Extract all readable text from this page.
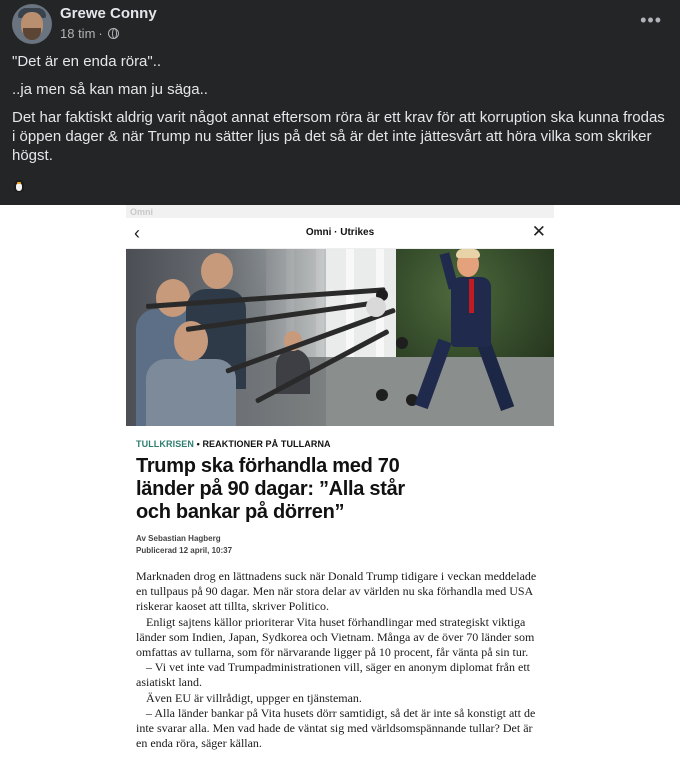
Grewe Conny
18 tim ·
•••

"Det är en enda röra"..

..ja men så kan man ju säga..

Det har faktiskt aldrig varit något annat eftersom röra är ett krav för att korruption ska kunna frodas i öppen dager & när Trump nu sätter ljus på det så är det inte jättesvårt att höra vilka som skriker högst.

Omni
‹	Omni · Utrikes	✕
TULLKRISEN • REAKTIONER PÅ TULLARNA
Trump ska förhandla med 70 länder på 90 dagar: ”Alla står och bankar på dörren”
Av Sebastian Hagberg
Publicerad 12 april, 10:37

Marknaden drog en lättnadens suck när Donald Trump tidigare i veckan meddelade en tullpaus på 90 dagar. Men när stora delar av världen nu ska förhandla med USA riskerar kaoset att tillta, skriver Politico.

Enligt sajtens källor prioriterar Vita huset förhandlingar med strategiskt viktiga länder som Indien, Japan, Sydkorea och Vietnam. Många av de över 70 länder som omfattas av tullarna, som för närvarande ligger på 10 procent, får vänta på sin tur.

– Vi vet inte vad Trumpadministrationen vill, säger en anonym diplomat från ett asiatiskt land.

Även EU är villrådigt, uppger en tjänsteman.

– Alla länder bankar på Vita husets dörr samtidigt, så det är inte så konstigt att de inte svarar alla. Men vad hade de väntat sig med världsomspännande tullar? Det är en enda röra, säger källan.
